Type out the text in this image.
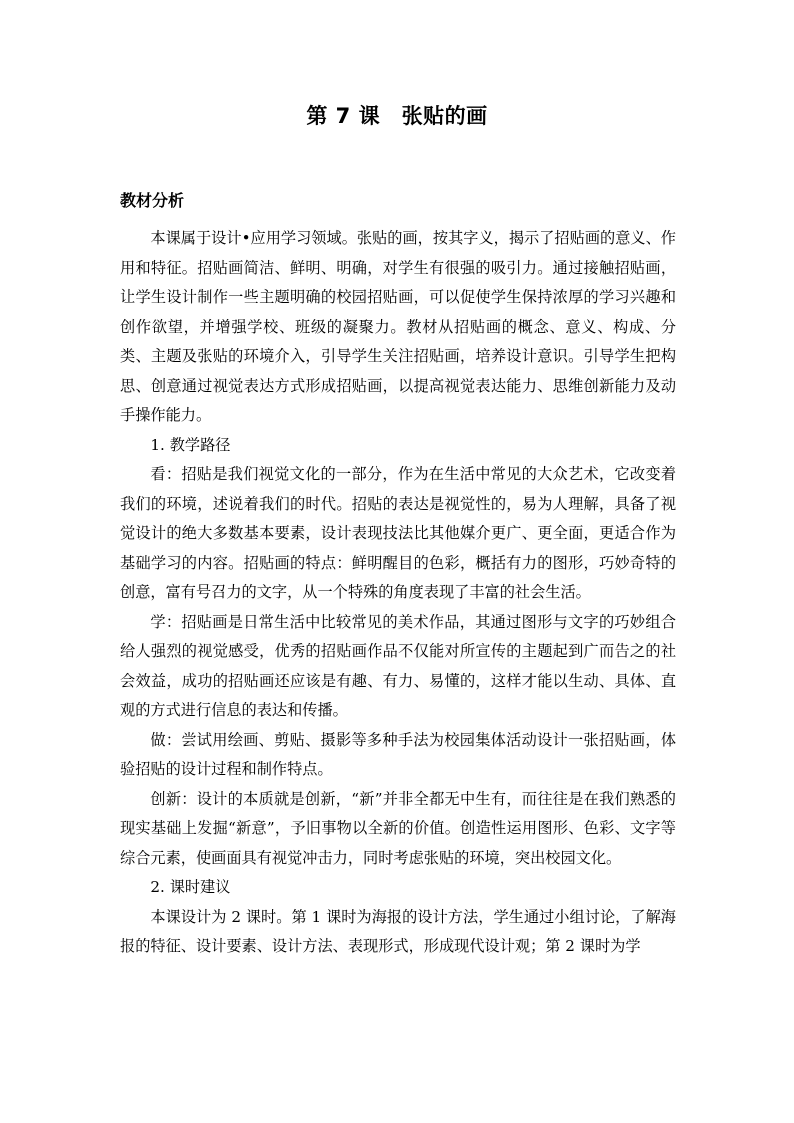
第 7 课　张贴的画
教材分析

本课属于设计•应用学习领域。张贴的画，按其字义，揭示了招贴画的意义、作用和特征。招贴画简洁、鲜明、明确，对学生有很强的吸引力。通过接触招贴画，让学生设计制作一些主题明确的校园招贴画，可以促使学生保持浓厚的学习兴趣和创作欲望，并增强学校、班级的凝聚力。教材从招贴画的概念、意义、构成、分类、主题及张贴的环境介入，引导学生关注招贴画，培养设计意识。引导学生把构思、创意通过视觉表达方式形成招贴画，以提高视觉表达能力、思维创新能力及动手操作能力。

1. 教学路径

看：招贴是我们视觉文化的一部分，作为在生活中常见的大众艺术，它改变着我们的环境，述说着我们的时代。招贴的表达是视觉性的，易为人理解，具备了视觉设计的绝大多数基本要素，设计表现技法比其他媒介更广、更全面，更适合作为基础学习的内容。招贴画的特点：鲜明醒目的色彩，概括有力的图形，巧妙奇特的创意，富有号召力的文字，从一个特殊的角度表现了丰富的社会生活。

学：招贴画是日常生活中比较常见的美术作品，其通过图形与文字的巧妙组合给人强烈的视觉感受，优秀的招贴画作品不仅能对所宣传的主题起到广而告之的社会效益，成功的招贴画还应该是有趣、有力、易懂的，这样才能以生动、具体、直观的方式进行信息的表达和传播。

做：尝试用绘画、剪贴、摄影等多种手法为校园集体活动设计一张招贴画，体验招贴的设计过程和制作特点。

创新：设计的本质就是创新，“新”并非全都无中生有，而往往是在我们熟悉的现实基础上发掘“新意”，予旧事物以全新的价值。创造性运用图形、色彩、文字等综合元素，使画面具有视觉冲击力，同时考虑张贴的环境，突出校园文化。

2. 课时建议

本课设计为 2 课时。第 1 课时为海报的设计方法，学生通过小组讨论，了解海报的特征、设计要素、设计方法、表现形式，形成现代设计观；第 2 课时为学
